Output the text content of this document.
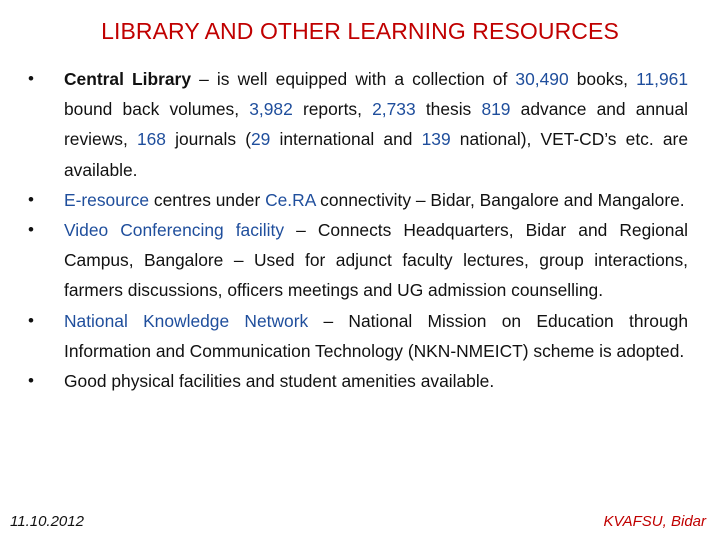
LIBRARY AND OTHER LEARNING RESOURCES
• Central Library – is well equipped with a collection of 30,490 books, 11,961 bound back volumes, 3,982 reports, 2,733 thesis 819 advance and annual reviews, 168 journals (29 international and 139 national), VET-CD’s etc. are available.
• E-resource centres under Ce.RA connectivity – Bidar, Bangalore and Mangalore.
• Video Conferencing facility – Connects Headquarters, Bidar and Regional Campus, Bangalore – Used for adjunct faculty lectures, group interactions, farmers discussions, officers meetings and UG admission counselling.
• National Knowledge Network – National Mission on Education through Information and Communication Technology (NKN-NMEICT) scheme is adopted.
• Good physical facilities and student amenities available.
11.10.2012	KVAFSU, Bidar
